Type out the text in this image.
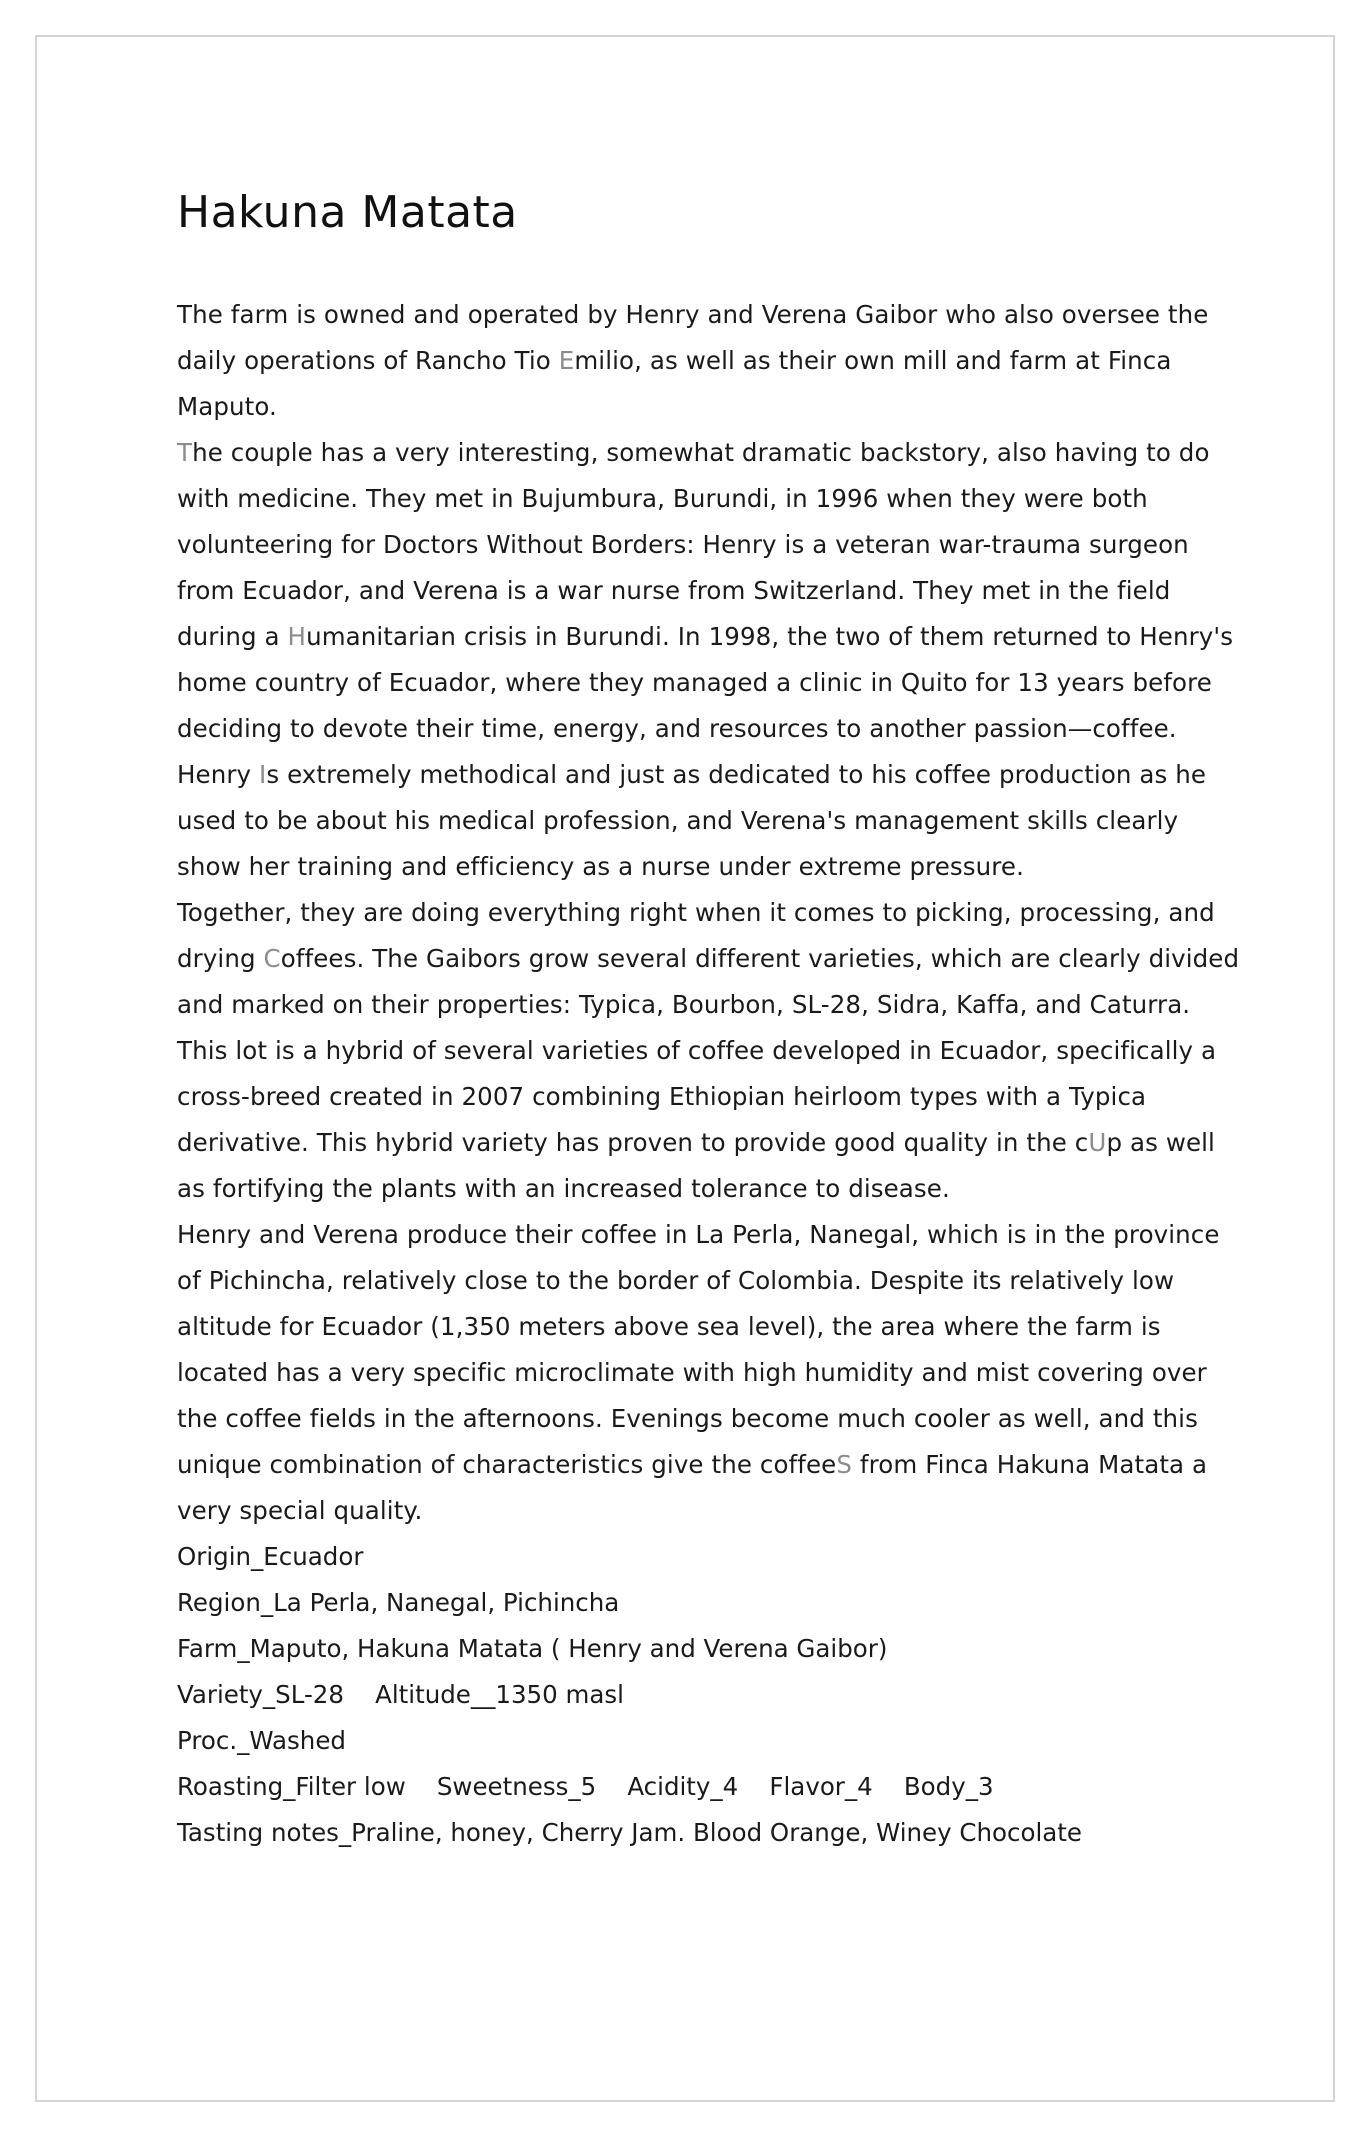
Hakuna Matata

The farm is owned and operated by Henry and Verena Gaibor who also oversee the daily operations of Rancho Tio Emilio, as well as their own mill and farm at Finca Maputo.

The couple has a very interesting, somewhat dramatic backstory, also having to do with medicine. They met in Bujumbura, Burundi, in 1996 when they were both volunteering for Doctors Without Borders: Henry is a veteran war-trauma surgeon from Ecuador, and Verena is a war nurse from Switzerland. They met in the field during a Humanitarian crisis in Burundi. In 1998, the two of them returned to Henry's home country of Ecuador, where they managed a clinic in Quito for 13 years before deciding to devote their time, energy, and resources to another passion—coffee. Henry Is extremely methodical and just as dedicated to his coffee production as he used to be about his medical profession, and Verena's management skills clearly show her training and efficiency as a nurse under extreme pressure.

Together, they are doing everything right when it comes to picking, processing, and drying Coffees. The Gaibors grow several different varieties, which are clearly divided and marked on their properties: Typica, Bourbon, SL-28, Sidra, Kaffa, and Caturra. This lot is a hybrid of several varieties of coffee developed in Ecuador, specifically a cross-breed created in 2007 combining Ethiopian heirloom types with a Typica derivative. This hybrid variety has proven to provide good quality in the cUp as well as fortifying the plants with an increased tolerance to disease.

Henry and Verena produce their coffee in La Perla, Nanegal, which is in the province of Pichincha, relatively close to the border of Colombia. Despite its relatively low altitude for Ecuador (1,350 meters above sea level), the area where the farm is located has a very specific microclimate with high humidity and mist covering over the coffee fields in the afternoons. Evenings become much cooler as well, and this unique combination of characteristics give the coffeeS from Finca Hakuna Matata a very special quality.

Origin_Ecuador

Region_La Perla, Nanegal, Pichincha

Farm_Maputo, Hakuna Matata ( Henry and Verena Gaibor)

Variety_SL-28    Altitude__1350 masl

Proc._Washed

Roasting_Filter low    Sweetness_5    Acidity_4    Flavor_4    Body_3

Tasting notes_Praline, honey, Cherry Jam. Blood Orange, Winey Chocolate
